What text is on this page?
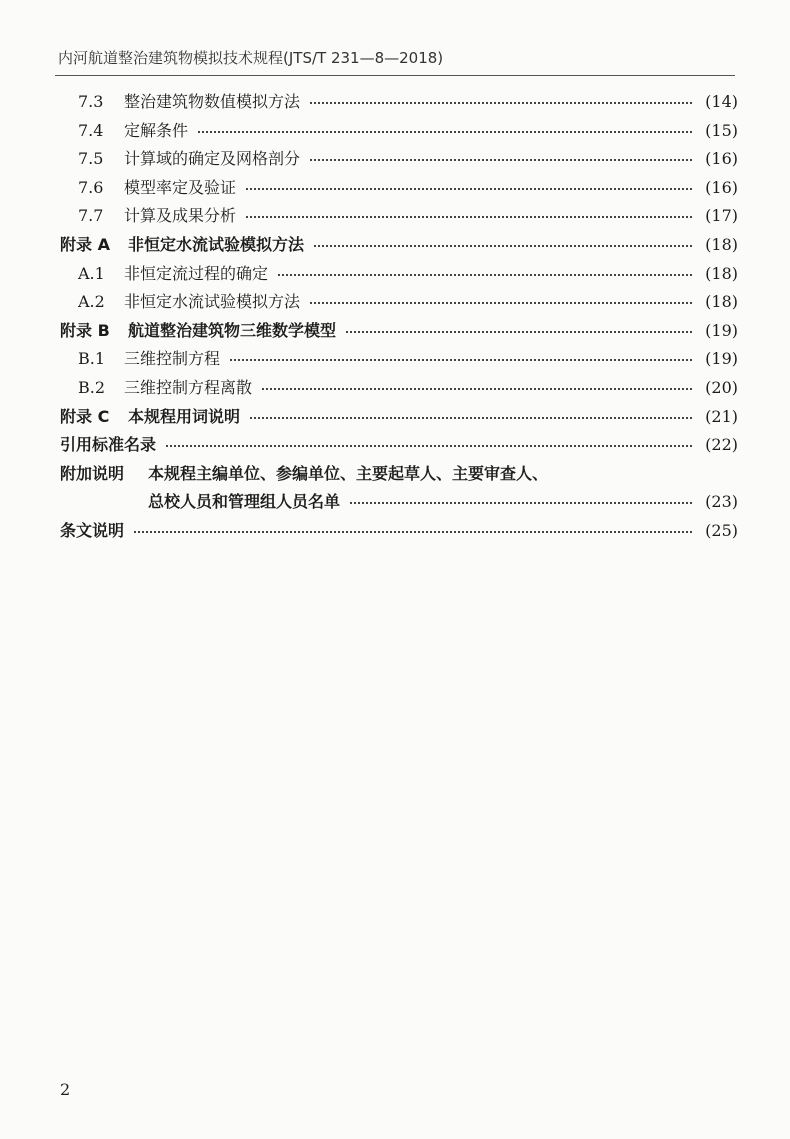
内河航道整治建筑物模拟技术规程(JTS/T 231—8—2018)
7.3 整治建筑物数值模拟方法	(14)
7.4 定解条件	(15)
7.5 计算域的确定及网格剖分	(16)
7.6 模型率定及验证	(16)
7.7 计算及成果分析	(17)
附录 A 非恒定水流试验模拟方法	(18)
A.1 非恒定流过程的确定	(18)
A.2 非恒定水流试验模拟方法	(18)
附录 B 航道整治建筑物三维数学模型	(19)
B.1 三维控制方程	(19)
B.2 三维控制方程离散	(20)
附录 C 本规程用词说明	(21)
引用标准名录	(22)
附加说明 本规程主编单位、参编单位、主要起草人、主要审查人、
总校人员和管理组人员名单	(23)
条文说明	(25)
2
